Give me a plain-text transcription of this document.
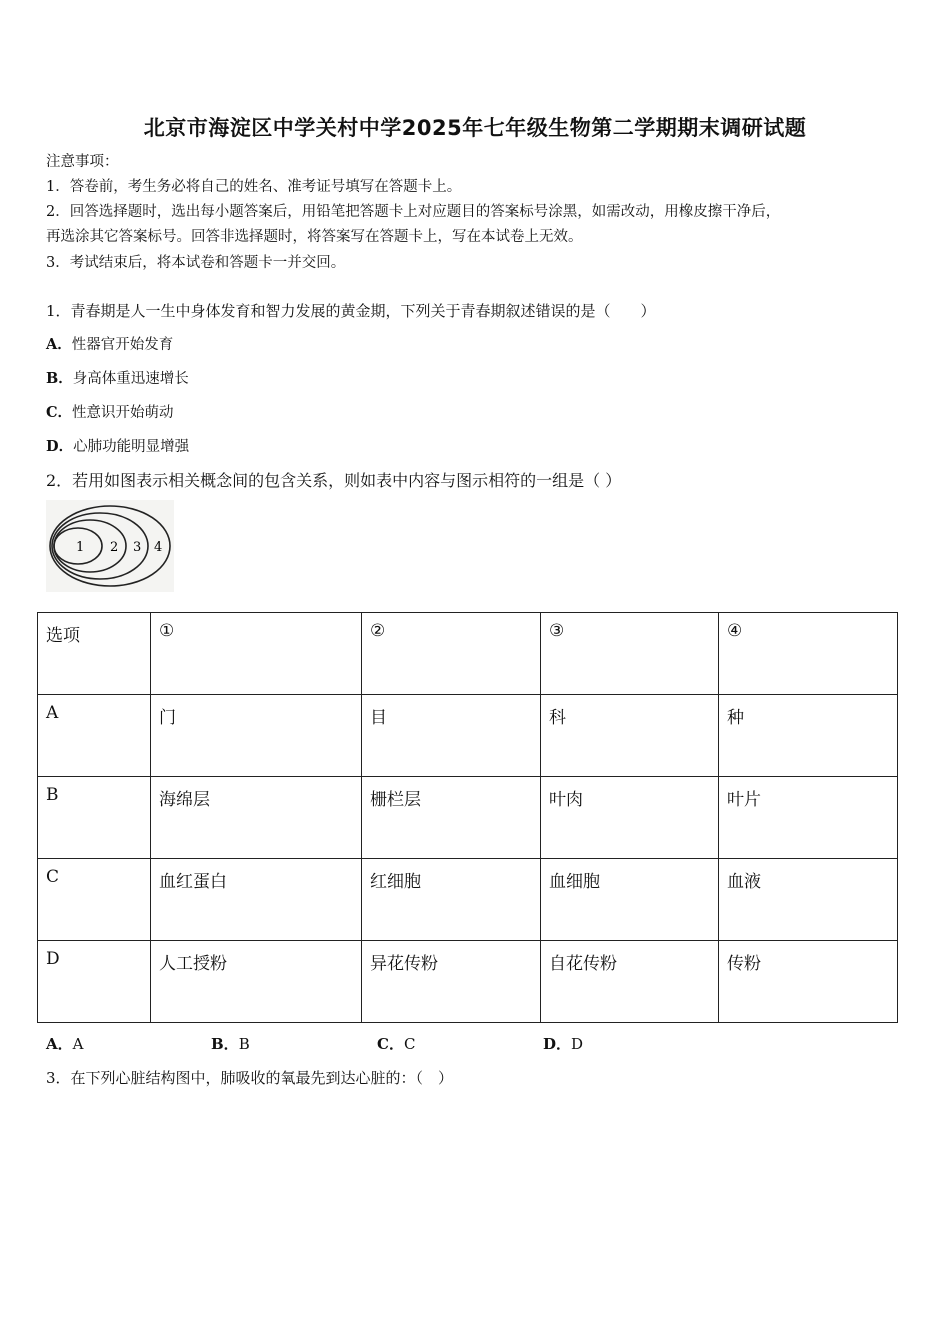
北京市海淀区中学关村中学2025年七年级生物第二学期期末调研试题
注意事项：
1．答卷前，考生务必将自己的姓名、准考证号填写在答题卡上。
2．回答选择题时，选出每小题答案后，用铅笔把答题卡上对应题目的答案标号涂黑，如需改动，用橡皮擦干净后，
再选涂其它答案标号。回答非选择题时，将答案写在答题卡上，写在本试卷上无效。
3．考试结束后，将本试卷和答题卡一并交回。
1．青春期是人一生中身体发育和智力发展的黄金期，下列关于青春期叙述错误的是（　　）
A．性器官开始发育
B．身高体重迅速增长
C．性意识开始萌动
D．心肺功能明显增强
2．若用如图表示相关概念间的包含关系，则如表中内容与图示相符的一组是（ ）
1 2 3 4
选项	①	②	③	④
A	门	目	科	种
B	海绵层	栅栏层	叶肉	叶片
C	血红蛋白	红细胞	血细胞	血液
D	人工授粉	异花传粉	自花传粉	传粉
A．A	B．B	C．C	D．D
3．在下列心脏结构图中，肺吸收的氧最先到达心脏的：（　）
